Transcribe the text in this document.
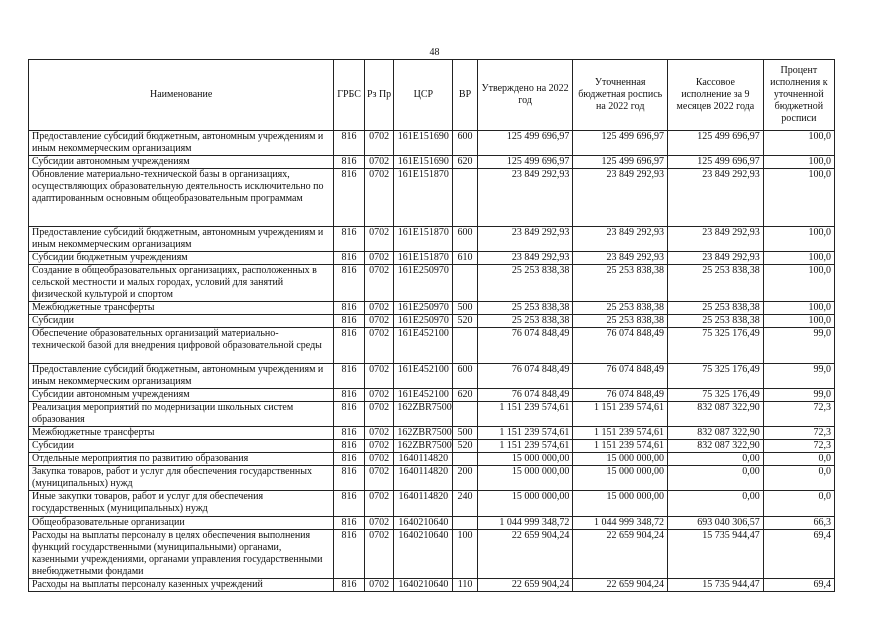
48
Наименование	ГРБС	Рз Пр	ЦСР	ВР	Утверждено на 2022 год	Уточненная бюджетная роспись на 2022 год	Кассовое исполнение за 9 месяцев 2022 года	Процент исполнения к уточненной бюджетной росписи
Предоставление субсидий бюджетным, автономным учреждениям и иным некоммерческим организациям	816	0702	161E151690	600	125 499 696,97	125 499 696,97	125 499 696,97	100,0
Субсидии автономным учреждениям	816	0702	161E151690	620	125 499 696,97	125 499 696,97	125 499 696,97	100,0
Обновление материально-технической базы в организациях, осуществляющих образовательную деятельность исключительно по адаптированным основным общеобразовательным программам	816	0702	161E151870		23 849 292,93	23 849 292,93	23 849 292,93	100,0
Предоставление субсидий бюджетным, автономным учреждениям и иным некоммерческим организациям	816	0702	161E151870	600	23 849 292,93	23 849 292,93	23 849 292,93	100,0
Субсидии бюджетным учреждениям	816	0702	161E151870	610	23 849 292,93	23 849 292,93	23 849 292,93	100,0
Создание в общеобразовательных организациях, расположенных в сельской местности и малых городах, условий для занятий физической культурой и спортом	816	0702	161E250970		25 253 838,38	25 253 838,38	25 253 838,38	100,0
Межбюджетные трансферты	816	0702	161E250970	500	25 253 838,38	25 253 838,38	25 253 838,38	100,0
Субсидии	816	0702	161E250970	520	25 253 838,38	25 253 838,38	25 253 838,38	100,0
Обеспечение образовательных организаций материально-технической базой для внедрения цифровой образовательной среды	816	0702	161E452100		76 074 848,49	76 074 848,49	75 325 176,49	99,0
Предоставление субсидий бюджетным, автономным учреждениям и иным некоммерческим организациям	816	0702	161E452100	600	76 074 848,49	76 074 848,49	75 325 176,49	99,0
Субсидии автономным учреждениям	816	0702	161E452100	620	76 074 848,49	76 074 848,49	75 325 176,49	99,0
Реализация мероприятий по модернизации школьных систем образования	816	0702	162ZBR7500		1 151 239 574,61	1 151 239 574,61	832 087 322,90	72,3
Межбюджетные трансферты	816	0702	162ZBR7500	500	1 151 239 574,61	1 151 239 574,61	832 087 322,90	72,3
Субсидии	816	0702	162ZBR7500	520	1 151 239 574,61	1 151 239 574,61	832 087 322,90	72,3
Отдельные мероприятия по развитию образования	816	0702	1640114820		15 000 000,00	15 000 000,00	0,00	0,0
Закупка товаров, работ и услуг для обеспечения государственных (муниципальных) нужд	816	0702	1640114820	200	15 000 000,00	15 000 000,00	0,00	0,0
Иные закупки товаров, работ и услуг для обеспечения государственных (муниципальных) нужд	816	0702	1640114820	240	15 000 000,00	15 000 000,00	0,00	0,0
Общеобразовательные организации	816	0702	1640210640		1 044 999 348,72	1 044 999 348,72	693 040 306,57	66,3
Расходы на выплаты персоналу в целях обеспечения выполнения функций государственными (муниципальными) органами, казенными учреждениями, органами управления государственными внебюджетными фондами	816	0702	1640210640	100	22 659 904,24	22 659 904,24	15 735 944,47	69,4
Расходы на выплаты персоналу казенных учреждений	816	0702	1640210640	110	22 659 904,24	22 659 904,24	15 735 944,47	69,4
